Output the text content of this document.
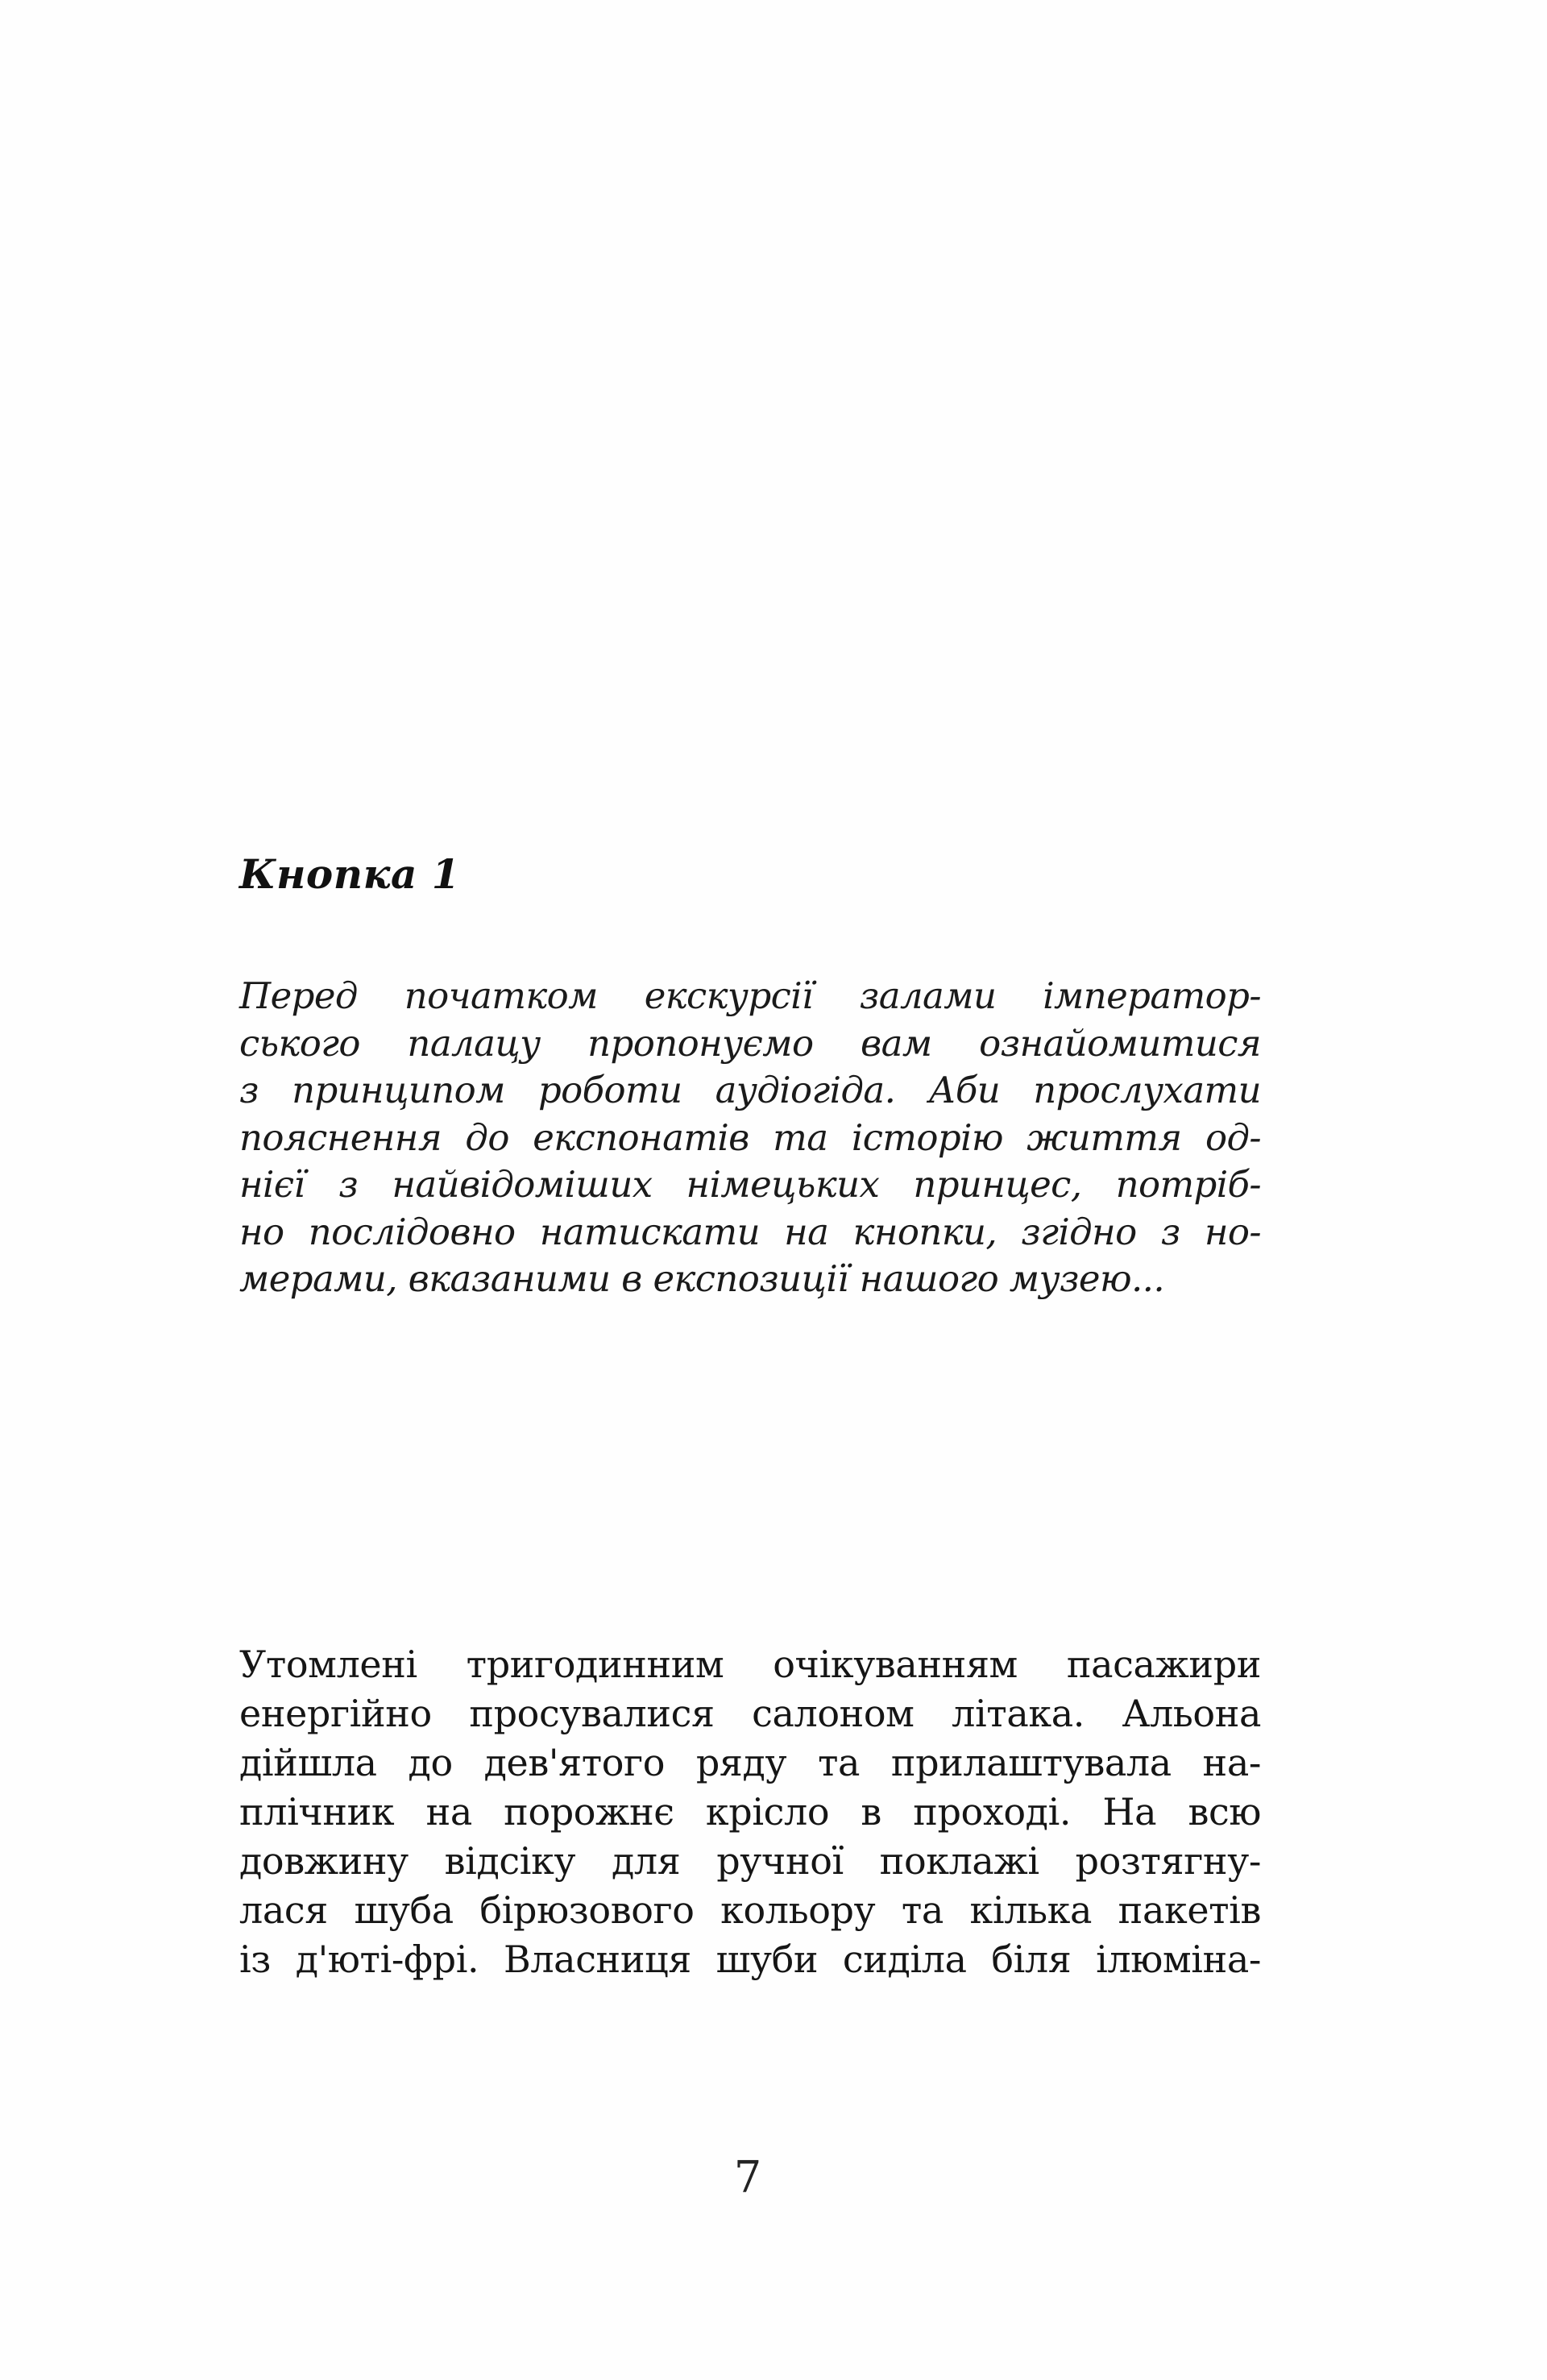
Кнопка 1
Перед початком екскурсії залами імператор-
ського палацу пропонуємо вам ознайомитися
з принципом роботи аудіогіда. Аби прослухати
пояснення до експонатів та історію життя од-
нієї з найвідоміших німецьких принцес, потріб-
но послідовно натискати на кнопки, згідно з но-
мерами, вказаними в експозиції нашого музею...
Утомлені тригодинним очікуванням пасажири
енергійно просувалися салоном літака. Альона
дійшла до дев'ятого ряду та прилаштувала на-
плічник на порожнє крісло в проході. На всю
довжину відсіку для ручної поклажі розтягну-
лася шуба бірюзового кольору та кілька пакетів
із д'юті-фрі. Власниця шуби сиділа біля ілюміна-
7
